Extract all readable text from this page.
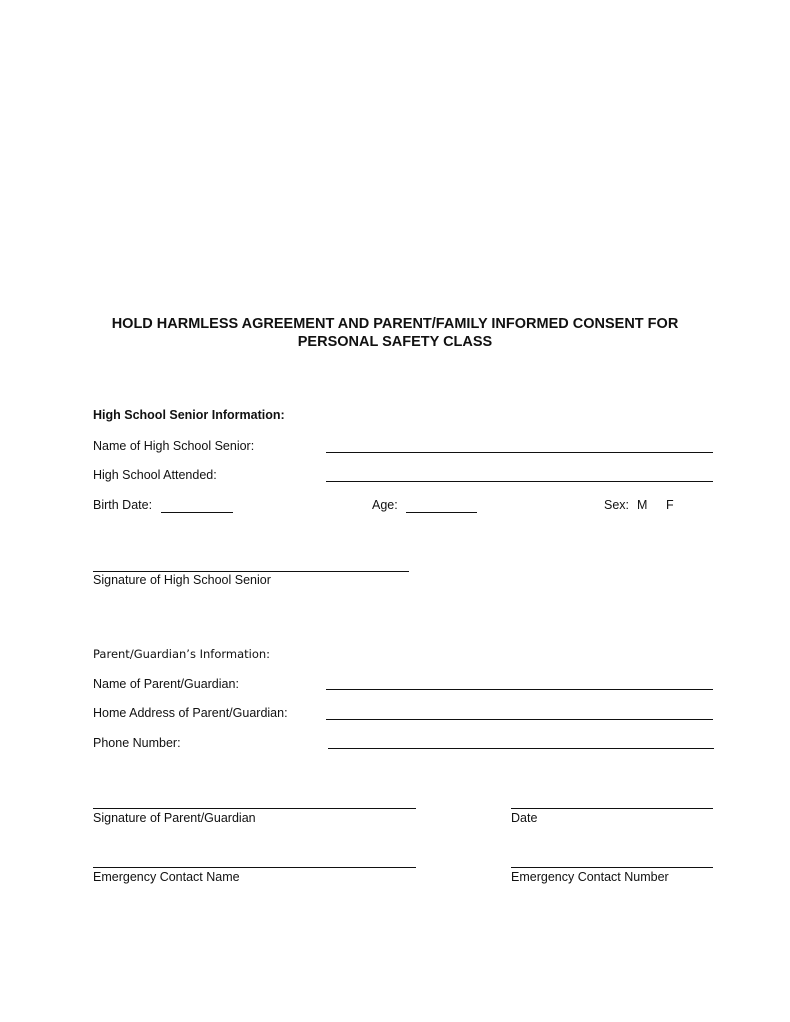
HOLD HARMLESS AGREEMENT AND PARENT/FAMILY INFORMED CONSENT FOR
PERSONAL SAFETY CLASS
High School Senior Information:
Name of High School Senior:
High School Attended:
Birth Date:	Age:	Sex: M F
Signature of High School Senior
Parent/Guardian’s Information:
Name of Parent/Guardian:
Home Address of Parent/Guardian:
Phone Number:
Signature of Parent/Guardian	Date
Emergency Contact Name	Emergency Contact Number
